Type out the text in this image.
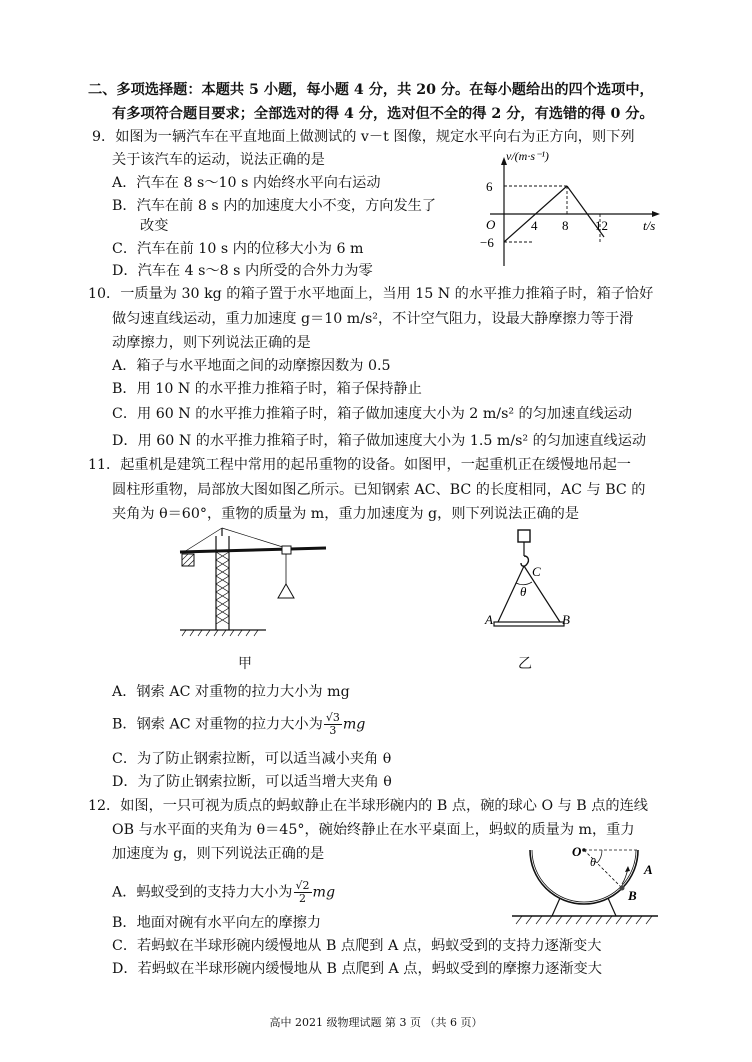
二、多项选择题：本题共 5 小题，每小题 4 分，共 20 分。在每小题给出的四个选项中，
有多项符合题目要求；全部选对的得 4 分，选对但不全的得 2 分，有选错的得 0 分。
9．如图为一辆汽车在平直地面上做测试的 v－t 图像，规定水平向右为正方向，则下列
关于该汽车的运动，说法正确的是
A．汽车在 8 s～10 s 内始终水平向右运动
B．汽车在前 8 s 内的加速度大小不变，方向发生了
改变
C．汽车在前 10 s 内的位移大小为 6 m
D．汽车在 4 s～8 s 内所受的合外力为零
v/(m·s⁻¹)
t/s
O
6
−6
4 8 12
10．一质量为 30 kg 的箱子置于水平地面上，当用 15 N 的水平推力推箱子时，箱子恰好
做匀速直线运动，重力加速度 g＝10 m/s²，不计空气阻力，设最大静摩擦力等于滑
动摩擦力，则下列说法正确的是
A．箱子与水平地面之间的动摩擦因数为 0.5
B．用 10 N 的水平推力推箱子时，箱子保持静止
C．用 60 N 的水平推力推箱子时，箱子做加速度大小为 2 m/s² 的匀加速直线运动
D．用 60 N 的水平推力推箱子时，箱子做加速度大小为 1.5 m/s² 的匀加速直线运动
11．起重机是建筑工程中常用的起吊重物的设备。如图甲，一起重机正在缓慢地吊起一
圆柱形重物，局部放大图如图乙所示。已知钢索 AC、BC 的长度相同，AC 与 BC 的
夹角为 θ＝60°，重物的质量为 m，重力加速度为 g，则下列说法正确的是
甲
C
θ
A	B
乙
A．钢索 AC 对重物的拉力大小为 mg
B．钢索 AC 对重物的拉力大小为 $\frac{√3}{3}$ mg
C．为了防止钢索拉断，可以适当减小夹角 θ
D．为了防止钢索拉断，可以适当增大夹角 θ
12．如图，一只可视为质点的蚂蚁静止在半球形碗内的 B 点，碗的球心 O 与 B 点的连线
OB 与水平面的夹角为 θ＝45°，碗始终静止在水平桌面上，蚂蚁的质量为 m，重力
加速度为 g，则下列说法正确的是	O
θ	A
B
A．蚂蚁受到的支持力大小为 $\frac{√2}{2}$ mg
B．地面对碗有水平向左的摩擦力
C．若蚂蚁在半球形碗内缓慢地从 B 点爬到 A 点，蚂蚁受到的支持力逐渐变大
D．若蚂蚁在半球形碗内缓慢地从 B 点爬到 A 点，蚂蚁受到的摩擦力逐渐变大
高中 2021 级物理试题 第 3 页 （共 6 页）
